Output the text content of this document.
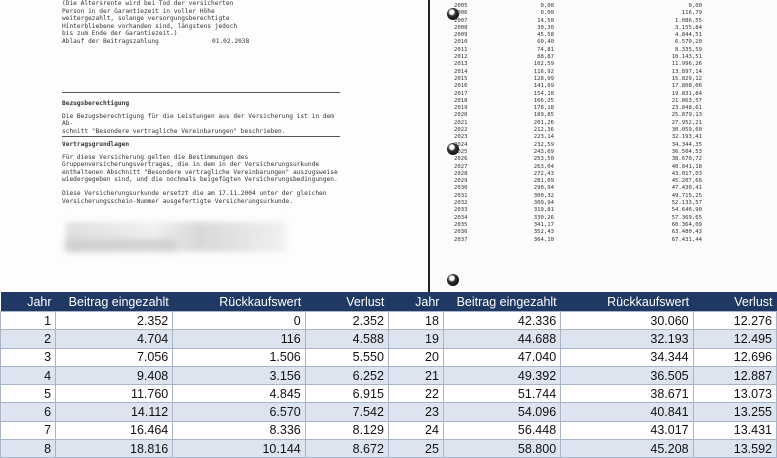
(Die Altersrente wird bei Tod der versicherten
Person in der Garantiezeit in voller Höhe
weitergezahlt, solange versorgungsberechtigte
Hinterbliebene vorhanden sind, längstens jedoch
bis zum Ende der Garantiezeit.)
Ablauf der Beitragszahlung	01.02.2038
Bezugsberechtigung
Die Bezugsberechtigung für die Leistungen aus der Versicherung ist in dem Ab-
schnitt "Besondere vertragliche Vereinbarungen" beschrieben.
Vertragsgrundlagen
Für diese Versicherung gelten die Bestimmungen des Gruppenversicherungsvertrages, die in dem in der Versicherungsurkunde enthaltenen Abschnitt "Besondere vertragliche Vereinbarungen" auszugsweise wiedergegeben sind, und die nochmals beigefügten Versicherungsbedingungen.
Diese Versicherungsurkunde ersetzt die am 17.11.2004 unter der gleichen Versicherungsschein-Nummer ausgefertigte Versicherungsurkunde.
2005	0,00	0,00
2006	0,00	116,79
2007	14,50	1.086,55
2008	30,30	3.155,84
2009	45,58	4.844,51
2010	60,40	6.570,20
2011	74,81	8.335,59
2012	88,87	10.143,51
2013	102,59	11.996,26
2014	116,92	13.897,14
2015	128,99	15.829,12
2016	141,69	17.808,06
2017	154,10	19.831,84
2018	166,25	21.863,57
2019	178,18	23.848,61
2020	189,85	25.879,13
2021	201,26	27.952,21
2022	212,36	30.059,60
2023	223,14	32.193,41
2024	232,59	34.344,35
2025	243,69	36.504,53
2026	253,50	38.670,72
2027	263,04	40.841,18
2028	272,43	43.017,03
2029	281,69	45.207,66
2030	290,94	47.430,41
2031	300,32	49.715,25
2032	309,94	52.133,57
2033	319,81	54.646,90
2034	330,26	57.369,65
2035	341,17	60.364,09
2036	352,43	63.480,43
2037	364,10	67.431,44
Jahr	Beitrag eingezahlt	Rückkaufswert	Verlust	Jahr	Beitrag eingezahlt	Rückkaufswert	Verlust
1	2.352	0	2.352	18	42.336	30.060	12.276
2	4.704	116	4.588	19	44.688	32.193	12.495
3	7.056	1.506	5.550	20	47.040	34.344	12.696
4	9.408	3.156	6.252	21	49.392	36.505	12.887
5	11.760	4.845	6.915	22	51.744	38.671	13.073
6	14.112	6.570	7.542	23	54.096	40.841	13.255
7	16.464	8.336	8.129	24	56.448	43.017	13.431
8	18.816	10.144	8.672	25	58.800	45.208	13.592
